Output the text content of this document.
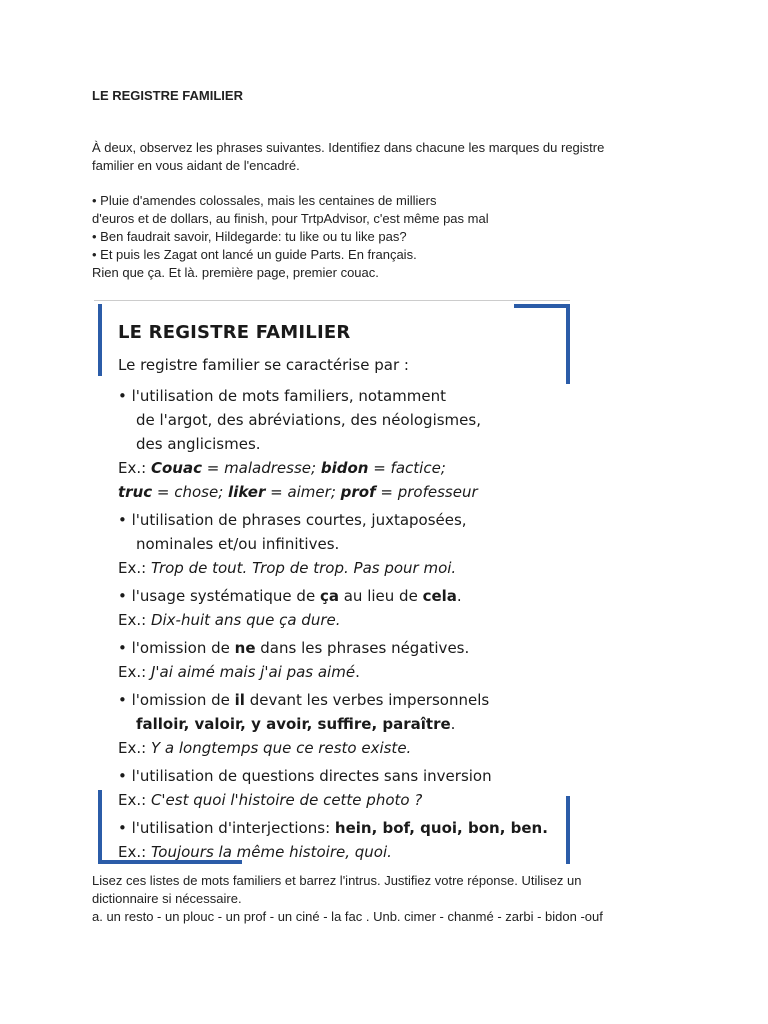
LE REGISTRE FAMILIER
À deux, observez les phrases suivantes. Identifiez dans chacune les marques du registre
familier en vous aidant de l'encadré.
• Pluie d'amendes colossales, mais les centaines de milliers
d'euros et de dollars, au finish, pour TrtpAdvisor, c'est même pas mal
• Ben faudrait savoir, Hildegarde: tu like ou tu like pas?
• Et puis les Zagat ont lancé un guide Parts. En français.
Rien que ça. Et là. première page, premier couac.
LE REGISTRE FAMILIER
Le registre familier se caractérise par :
• l'utilisation de mots familiers, notamment
de l'argot, des abréviations, des néologismes,
des anglicismes.
Ex.: Couac = maladresse; bidon = factice;
truc = chose; liker = aimer; prof = professeur
• l'utilisation de phrases courtes, juxtaposées,
nominales et/ou infinitives.
Ex.: Trop de tout. Trop de trop. Pas pour moi.
• l'usage systématique de ça au lieu de cela.
Ex.: Dix-huit ans que ça dure.
• l'omission de ne dans les phrases négatives.
Ex.: J'ai aimé mais j'ai pas aimé.
• l'omission de il devant les verbes impersonnels
falloir, valoir, y avoir, suffire, paraître.
Ex.: Y a longtemps que ce resto existe.
• l'utilisation de questions directes sans inversion
Ex.: C'est quoi l'histoire de cette photo ?
• l'utilisation d'interjections: hein, bof, quoi, bon, ben.
Ex.: Toujours la même histoire, quoi.
Lisez ces listes de mots familiers et barrez l'intrus. Justifiez votre réponse. Utilisez un
dictionnaire si nécessaire.
a. un resto - un plouc - un prof - un ciné - la fac . Unb. cimer - chanmé - zarbi - bidon -ouf
